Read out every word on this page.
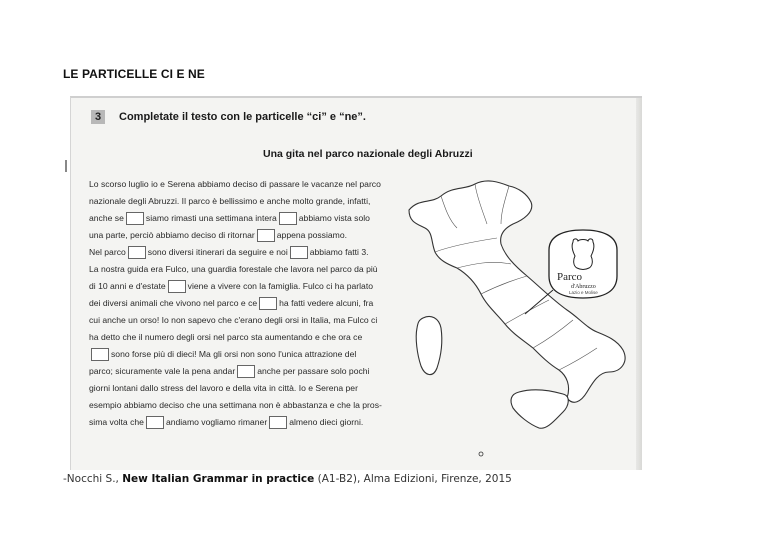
LE PARTICELLE CI E NE
3	Completate il testo con le particelle “ci” e “ne”.
Una gita nel parco nazionale degli Abruzzi
Lo scorso luglio io e Serena abbiamo deciso di passare le vacanze nel parco
nazionale degli Abruzzi. Il parco è bellissimo e anche molto grande, infatti,
anche se	siamo rimasti una settimana intera	abbiamo vista solo
una parte, perciò abbiamo deciso di ritornar	appena possiamo.
Nel parco	sono diversi itinerari da seguire e noi	abbiamo fatti 3.
La nostra guida era Fulco, una guardia forestale che lavora nel parco da più
di 10 anni e d'estate	viene a vivere con la famiglia. Fulco ci ha parlato
dei diversi animali che vivono nel parco e ce	ha fatti vedere alcuni, fra
cui anche un orso! Io non sapevo che c'erano degli orsi in Italia, ma Fulco ci
ha detto che il numero degli orsi nel parco sta aumentando e che ora ce
sono forse più di dieci! Ma gli orsi non sono l'unica attrazione del
parco; sicuramente vale la pena andar	anche per passare solo pochi
giorni lontani dallo stress del lavoro e della vita in città. Io e Serena per
esempio abbiamo deciso che una settimana non è abbastanza e che la pros-
sima volta che	andiamo vogliamo rimaner	almeno dieci giorni.
Parco
d'Abruzzo
Lazio e Molise
-Nocchi S., New Italian Grammar in practice (A1-B2), Alma Edizioni, Firenze, 2015
